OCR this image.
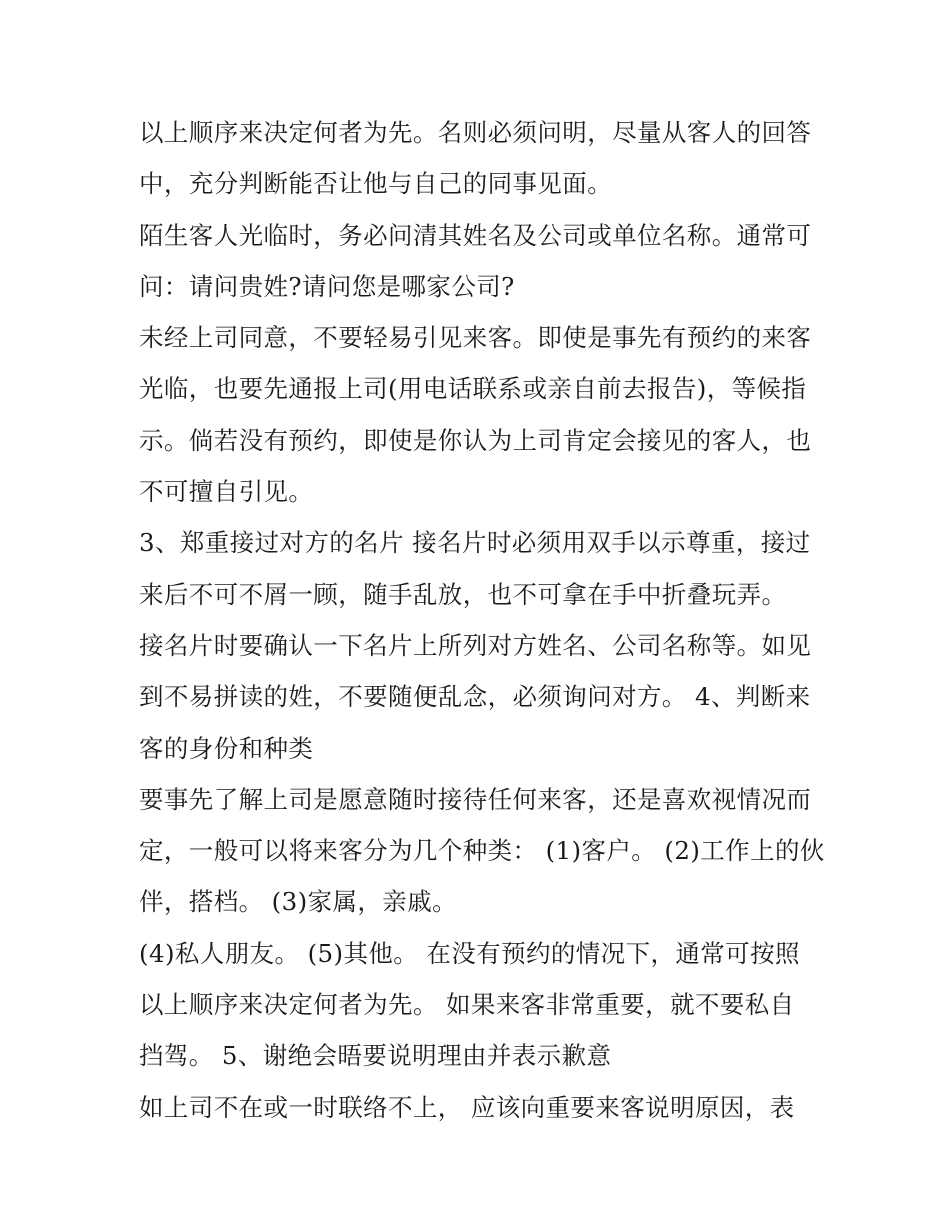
以上顺序来决定何者为先。名则必须问明，尽量从客人的回答
中，充分判断能否让他与自己的同事见面。
陌生客人光临时，务必问清其姓名及公司或单位名称。通常可
问：请问贵姓?请问您是哪家公司?
未经上司同意，不要轻易引见来客。即使是事先有预约的来客
光临，也要先通报上司(用电话联系或亲自前去报告)，等候指
示。倘若没有预约，即使是你认为上司肯定会接见的客人，也
不可擅自引见。
3、郑重接过对方的名片 接名片时必须用双手以示尊重，接过
来后不可不屑一顾，随手乱放，也不可拿在手中折叠玩弄。
接名片时要确认一下名片上所列对方姓名、公司名称等。如见
到不易拼读的姓，不要随便乱念，必须询问对方。 4、判断来
客的身份和种类
要事先了解上司是愿意随时接待任何来客，还是喜欢视情况而
定，一般可以将来客分为几个种类： (1)客户。 (2)工作上的伙
伴，搭档。 (3)家属，亲戚。
(4)私人朋友。 (5)其他。 在没有预约的情况下，通常可按照
以上顺序来决定何者为先。 如果来客非常重要，就不要私自
挡驾。 5、谢绝会晤要说明理由并表示歉意
如上司不在或一时联络不上， 应该向重要来客说明原因，表
